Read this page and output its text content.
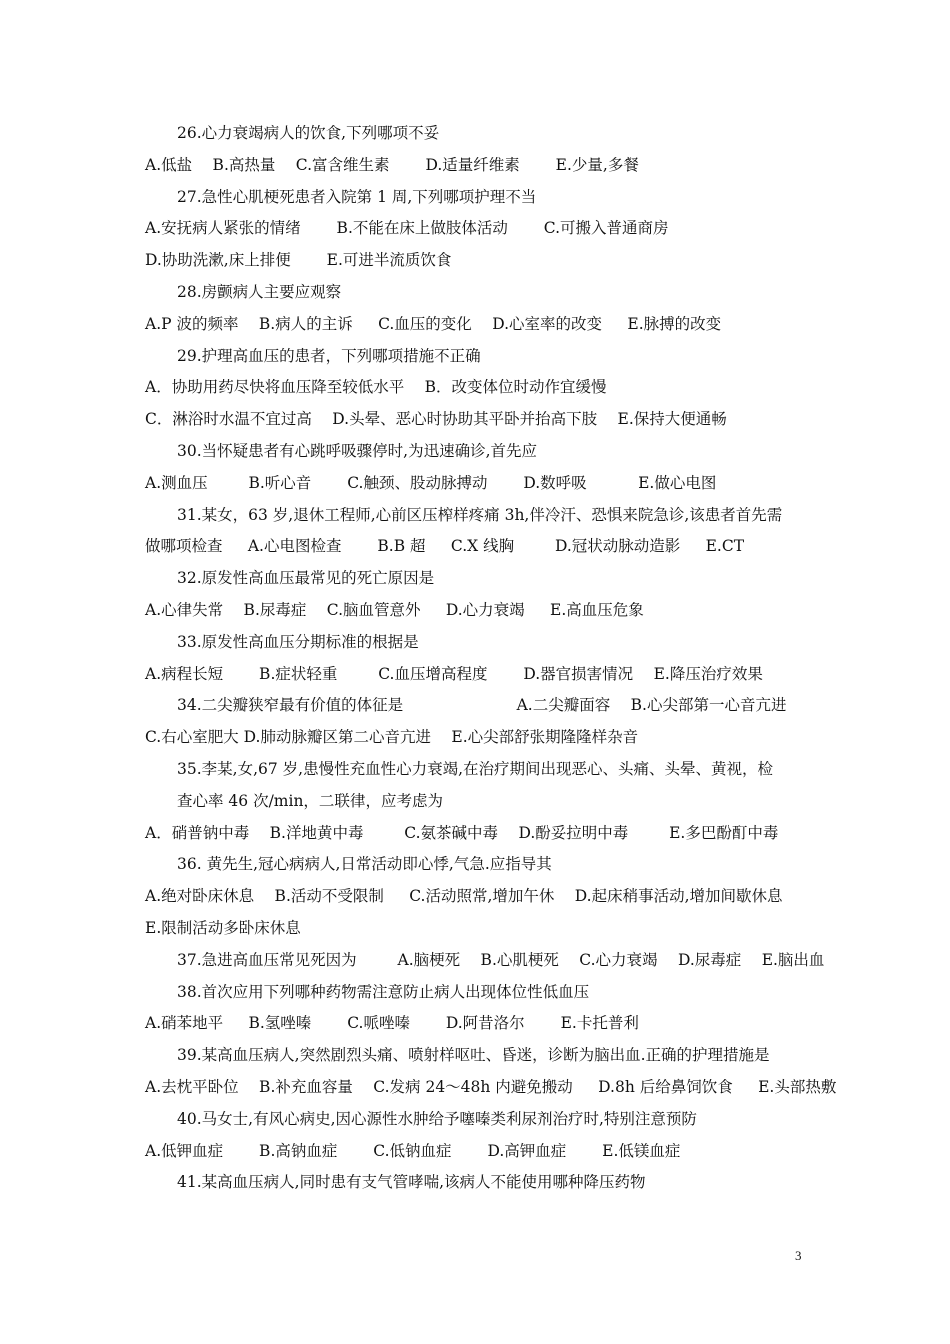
26.心力衰竭病人的饮食,下列哪项不妥
A.低盐 　B.高热量 　C.富含维生素 　　D.适量纤维素 　　E.少量,多餐
27.急性心肌梗死患者入院第 1 周,下列哪项护理不当
A.安抚病人紧张的情绪 　　B.不能在床上做肢体活动 　　C.可搬入普通商房
D.协助洗漱,床上排便 　　E.可进半流质饮食
28.房颤病人主要应观察
A.P 波的频率 　B.病人的主诉 　 C.血压的变化 　D.心室率的改变 　 E.脉搏的改变
29.护理高血压的患者，下列哪项措施不正确
A．协助用药尽快将血压降至较低水平 　B．改变体位时动作宜缓慢
C．淋浴时水温不宜过高 　D.头晕、恶心时协助其平卧并抬高下肢 　E.保持大便通畅
30.当怀疑患者有心跳呼吸骤停时,为迅速确诊,首先应
A.测血压 　　 B.听心音 　　C.触颈、股动脉搏动 　　D.数呼吸 　　　E.做心电图
31.某女，63 岁,退休工程师,心前区压榨样疼痛 3h,伴冷汗、恐惧来院急诊,该患者首先需
做哪项检查 　 A.心电图检查 　　B.B 超 　 C.X 线胸 　　 D.冠状动脉动造影 　 E.CT
32.原发性高血压最常见的死亡原因是
A.心律失常 　B.尿毒症 　C.脑血管意外 　 D.心力衰竭 　 E.高血压危象
33.原发性高血压分期标准的根据是
A.病程长短 　　B.症状轻重 　　 C.血压增高程度 　　D.器官损害情况 　E.降压治疗效果
34.二尖瓣狭窄最有价值的体征是 　　　　　　　A.二尖瓣面容 　B.心尖部第一心音亢进
C.右心室肥大 D.肺动脉瓣区第二心音亢进 　E.心尖部舒张期隆隆样杂音
35.李某,女,67 岁,患慢性充血性心力衰竭,在治疗期间出现恶心、头痛、头晕、黄视，检
查心率 46 次/min，二联律，应考虑为
A．硝普钠中毒 　B.洋地黄中毒 　　 C.氨茶碱中毒 　D.酚妥拉明中毒 　　 E.多巴酚酊中毒
36. 黄先生,冠心病病人,日常活动即心悸,气急.应指导其
A.绝对卧床休息 　B.活动不受限制 　 C.活动照常,增加午休 　D.起床稍事活动,增加间歇休息
E.限制活动多卧床休息
37.急进高血压常见死因为 　　 A.脑梗死 　B.心肌梗死 　C.心力衰竭 　D.尿毒症 　E.脑出血
38.首次应用下列哪种药物需注意防止病人出现体位性低血压
A.硝苯地平 　 B.氢唑嗪 　　C.哌唑嗪 　　D.阿昔洛尔 　　E.卡托普利
39.某高血压病人,突然剧烈头痛、喷射样呕吐、昏迷，诊断为脑出血.正确的护理措施是
A.去枕平卧位 　B.补充血容量 　C.发病 24～48h 内避免搬动 　 D.8h 后给鼻饲饮食 　 E.头部热敷
40.马女士,有风心病史,因心源性水肿给予噻嗪类利尿剂治疗时,特别注意预防
A.低钾血症 　　B.高钠血症 　　C.低钠血症 　　D.高钾血症 　　E.低镁血症
41.某高血压病人,同时患有支气管哮喘,该病人不能使用哪种降压药物
3
